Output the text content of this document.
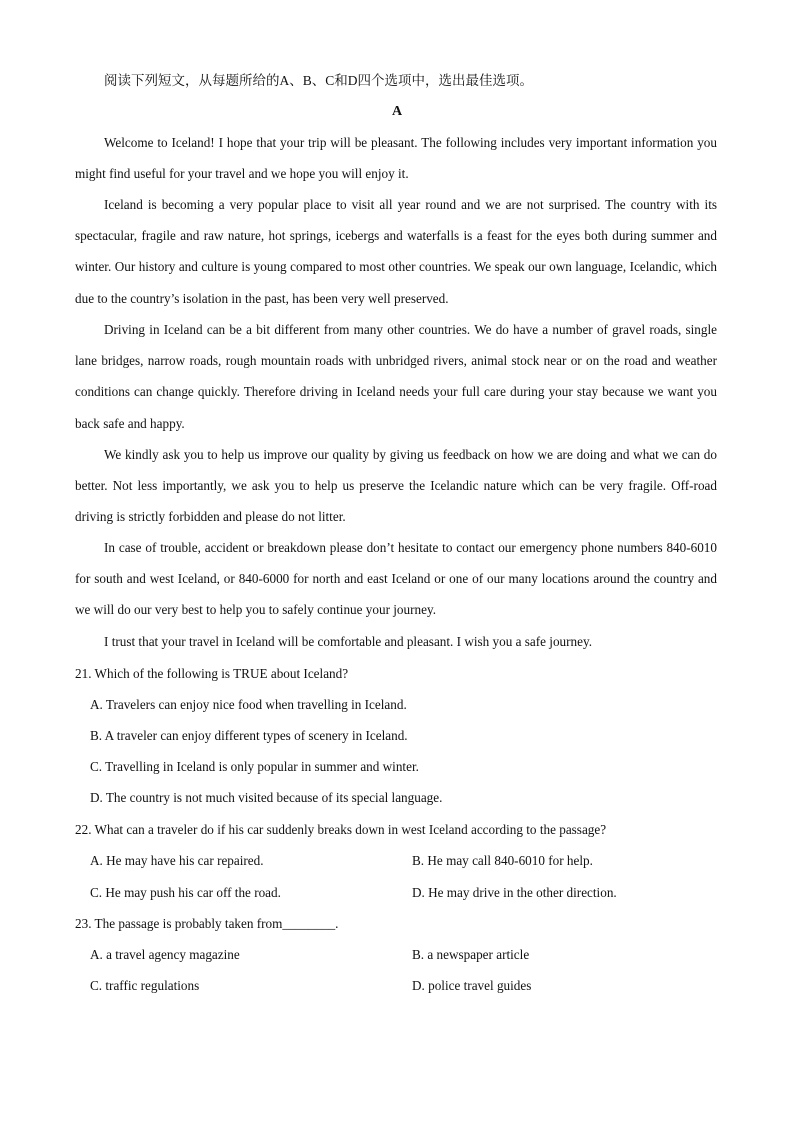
阅读下列短文，从每题所给的A、B、C和D四个选项中，选出最佳选项。
A
Welcome to Iceland! I hope that your trip will be pleasant. The following includes very important information you might find useful for your travel and we hope you will enjoy it.
Iceland is becoming a very popular place to visit all year round and we are not surprised. The country with its spectacular, fragile and raw nature, hot springs, icebergs and waterfalls is a feast for the eyes both during summer and winter. Our history and culture is young compared to most other countries. We speak our own language, Icelandic, which due to the country’s isolation in the past, has been very well preserved.
Driving in Iceland can be a bit different from many other countries. We do have a number of gravel roads, single lane bridges, narrow roads, rough mountain roads with unbridged rivers, animal stock near or on the road and weather conditions can change quickly. Therefore driving in Iceland needs your full care during your stay because we want you back safe and happy.
We kindly ask you to help us improve our quality by giving us feedback on how we are doing and what we can do better. Not less importantly, we ask you to help us preserve the Icelandic nature which can be very fragile. Off-road driving is strictly forbidden and please do not litter.
In case of trouble, accident or breakdown please don’t hesitate to contact our emergency phone numbers 840-6010 for south and west Iceland, or 840-6000 for north and east Iceland or one of our many locations around the country and we will do our very best to help you to safely continue your journey.
I trust that your travel in Iceland will be comfortable and pleasant. I wish you a safe journey.
21. Which of the following is TRUE about Iceland?
A. Travelers can enjoy nice food when travelling in Iceland.
B. A traveler can enjoy different types of scenery in Iceland.
C. Travelling in Iceland is only popular in summer and winter.
D. The country is not much visited because of its special language.
22. What can a traveler do if his car suddenly breaks down in west Iceland according to the passage?
A. He may have his car repaired.	B. He may call 840-6010 for help.
C. He may push his car off the road.	D. He may drive in the other direction.
23. The passage is probably taken from________.
A. a travel agency magazine	B. a newspaper article
C. traffic regulations	D. police travel guides
